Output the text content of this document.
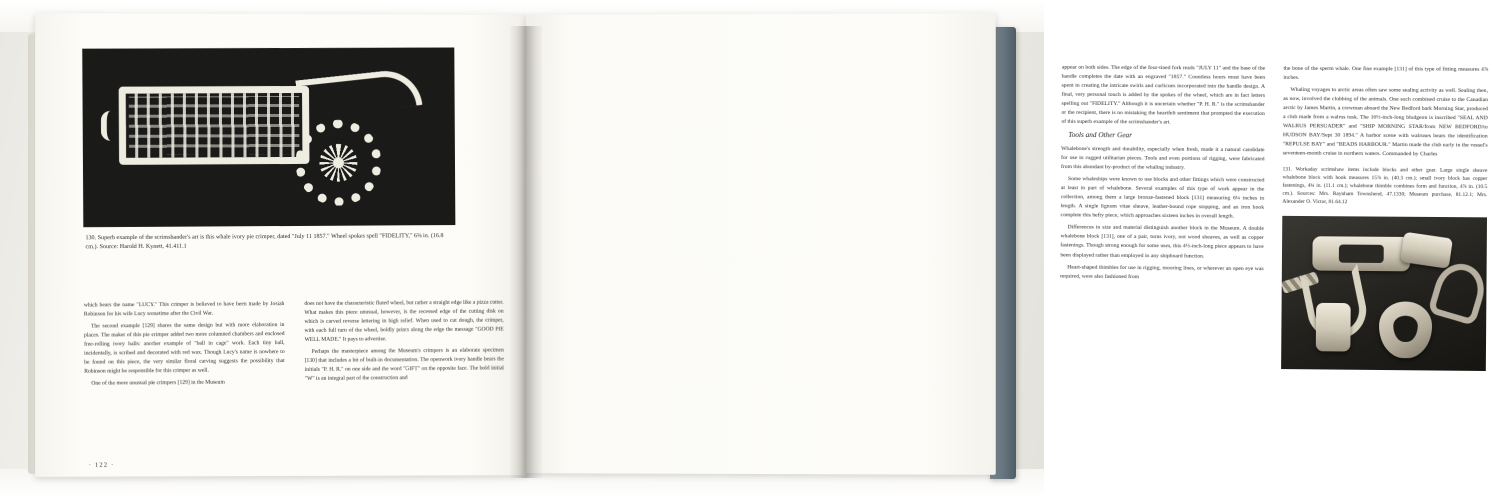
130. Superb example of the scrimshander's art is this whale ivory pie crimper, dated "July 11 1857." Wheel spokes spell "FIDELITY," 6⅝ in. (16.8 cm.). Source: Harold H. Kynett, 41.411.1

which bears the name "LUCY." This crimper is believed to have been made by Josiah Robinson for his wife Lucy sometime after the Civil War.

The second example [129] shares the same design but with more elaboration in places. The maker of this pie crimper added two more columned chambers and enclosed free-rolling ivory balls: another example of "ball in cage" work. Each tiny ball, incidentally, is scribed and decorated with red wax. Though Lucy's name is nowhere to be found on this piece, the very similar floral carving suggests the possibility that Robinson might be responsible for this crimper as well.

One of the more unusual pie crimpers [129] in the Museum

does not have the characteristic fluted wheel, but rather a straight edge like a pizza cutter. What makes this piece unusual, however, is the recessed edge of the cutting disk on which is carved reverse lettering in high relief. When used to cut dough, the crimper, with each full turn of the wheel, boldly prints along the edge the message "GOOD PIE WELL MADE." It pays to advertise.

Perhaps the masterpiece among the Museum's crimpers is an elaborate specimen [130] that includes a bit of built-in documentation. The openwork ivory handle bears the initials "P. H. R." on one side and the word "GIFT" on the opposite face. The bold initial "W" is an integral part of the construction and

· 122 ·

appear on both sides. The edge of the four-tined fork reads "JULY 11" and the base of the handle completes the date with an engraved "1857." Countless hours must have been spent in creating the intricate swirls and curlicues incorporated into the handle design. A final, very personal touch is added by the spokes of the wheel, which are in fact letters spelling out "FIDELITY." Although it is uncertain whether "P. H. R." is the scrimshander or the recipient, there is no mistaking the heartfelt sentiment that prompted the execution of this superb example of the scrimshander's art.

Tools and Other Gear

Whalebone's strength and durability, especially when fresh, made it a natural candidate for use in rugged utilitarian pieces. Tools and even portions of rigging, were fabricated from this abundant by-product of the whaling industry.

Some whaleships were known to use blocks and other fittings which were constructed at least in part of whalebone. Several examples of this type of work appear in the collection, among them a large bronze-fastened block [131] measuring 6¼ inches in length. A single lignum vitae sheave, leather-bound rope stopping, and an iron hook complete this hefty piece, which approaches sixteen inches in overall length.

Differences in size and material distinguish another block in the Museum. A double whalebone block [131], one of a pair, turns ivory, not wood sheaves, as well as copper fastenings. Though strong enough for some uses, this 4½-inch-long piece appears to have been displayed rather than employed in any shipboard function.

Heart-shaped thimbles for use in rigging, mooring lines, or wherever an open eye was required, were also fashioned from

the bone of the sperm whale. One fine example [131] of this type of fitting measures 4⅞ inches.

Whaling voyages to arctic areas often saw some sealing activity as well. Sealing then, as now, involved the clubbing of the animals. One such combined cruise to the Canadian arctic by James Martin, a crewman aboard the New Bedford bark Morning Star, produced a club made from a walrus tusk. The 16½-inch-long bludgeon is inscribed "SEAL AND WALRUS PERSUADER" and "SHIP MORNING STAR/from NEW BEDFORD/to HUDSON BAY/Sept 30 1894." A harbor scene with walruses bears the identification "REPULSE BAY" and "BEADS HARBOUR." Martin made the club early in the vessel's seventeen-month cruise in northern waters. Commanded by Charles

131. Workaday scrimshaw items include blocks and other gear. Large single sheave whalebone block with hook measures 15⅞ in. (40.3 cm.); small ivory block has copper fastenings, 4¾ in. (11.1 cm.); whalebone thimble combines form and function, 4⅞ in. (10.5 cm.). Sources: Mrs. Raynham Townshend, 47.1330; Museum purchase, 81.12.1; Mrs. Alexander O. Victor, 81.64.12
